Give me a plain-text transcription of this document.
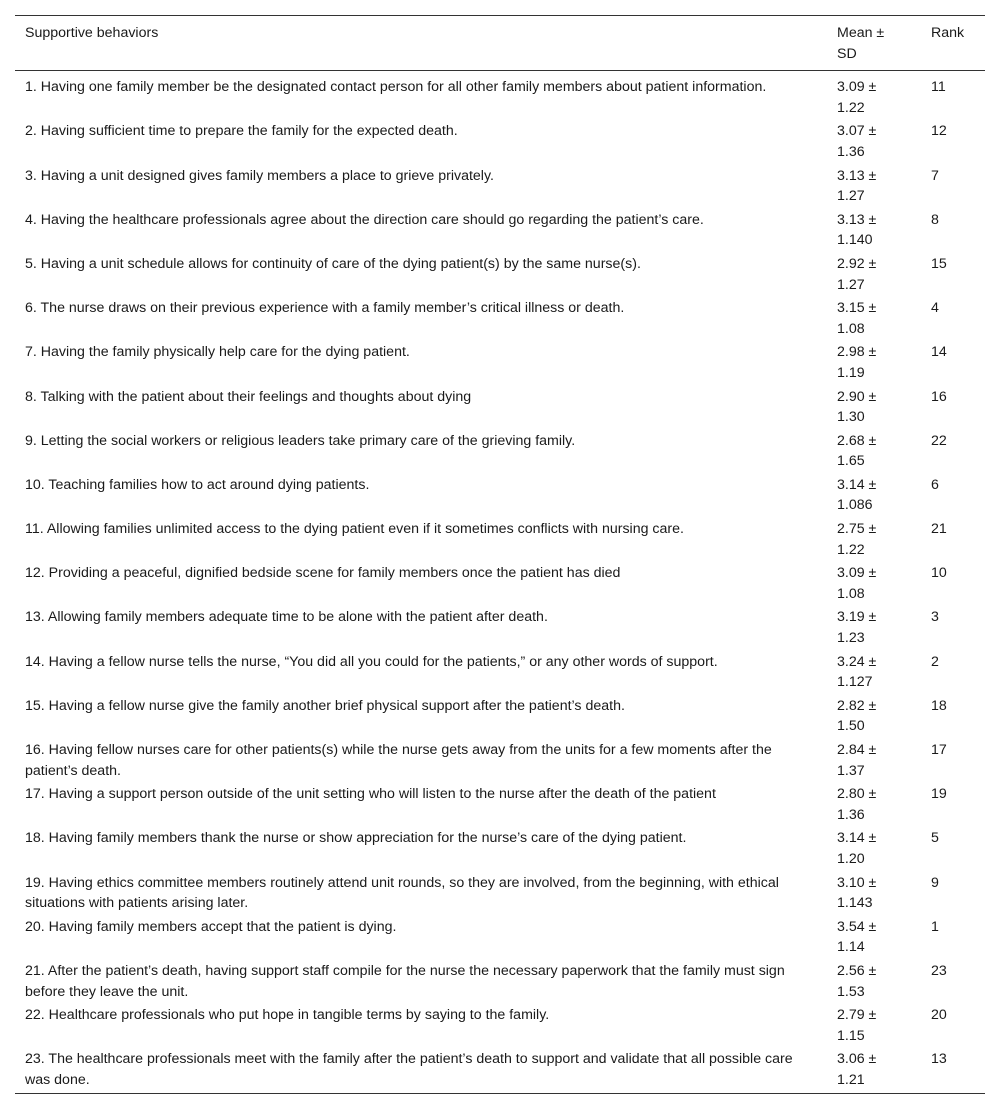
Supportive behaviors	Mean ± SD	Rank
1. Having one family member be the designated contact person for all other family members about patient information.	3.09 ± 1.22	11
2. Having sufficient time to prepare the family for the expected death.	3.07 ± 1.36	12
3. Having a unit designed gives family members a place to grieve privately.	3.13 ± 1.27	7
4. Having the healthcare professionals agree about the direction care should go regarding the patient’s care.	3.13 ± 1.140	8
5. Having a unit schedule allows for continuity of care of the dying patient(s) by the same nurse(s).	2.92 ± 1.27	15
6. The nurse draws on their previous experience with a family member’s critical illness or death.	3.15 ± 1.08	4
7. Having the family physically help care for the dying patient.	2.98 ± 1.19	14
8. Talking with the patient about their feelings and thoughts about dying	2.90 ± 1.30	16
9. Letting the social workers or religious leaders take primary care of the grieving family.	2.68 ± 1.65	22
10. Teaching families how to act around dying patients.	3.14 ± 1.086	6
11. Allowing families unlimited access to the dying patient even if it sometimes conflicts with nursing care.	2.75 ± 1.22	21
12. Providing a peaceful, dignified bedside scene for family members once the patient has died	3.09 ± 1.08	10
13. Allowing family members adequate time to be alone with the patient after death.	3.19 ± 1.23	3
14. Having a fellow nurse tells the nurse, “You did all you could for the patients,” or any other words of support.	3.24 ± 1.127	2
15. Having a fellow nurse give the family another brief physical support after the patient’s death.	2.82 ± 1.50	18
16. Having fellow nurses care for other patients(s) while the nurse gets away from the units for a few moments after the patient’s death.	2.84 ± 1.37	17
17. Having a support person outside of the unit setting who will listen to the nurse after the death of the patient	2.80 ± 1.36	19
18. Having family members thank the nurse or show appreciation for the nurse’s care of the dying patient.	3.14 ± 1.20	5
19. Having ethics committee members routinely attend unit rounds, so they are involved, from the beginning, with ethical situations with patients arising later.	3.10 ± 1.143	9
20. Having family members accept that the patient is dying.	3.54 ± 1.14	1
21. After the patient’s death, having support staff compile for the nurse the necessary paperwork that the family must sign before they leave the unit.	2.56 ± 1.53	23
22. Healthcare professionals who put hope in tangible terms by saying to the family.	2.79 ± 1.15	20
23. The healthcare professionals meet with the family after the patient’s death to support and validate that all possible care was done.	3.06 ± 1.21	13
